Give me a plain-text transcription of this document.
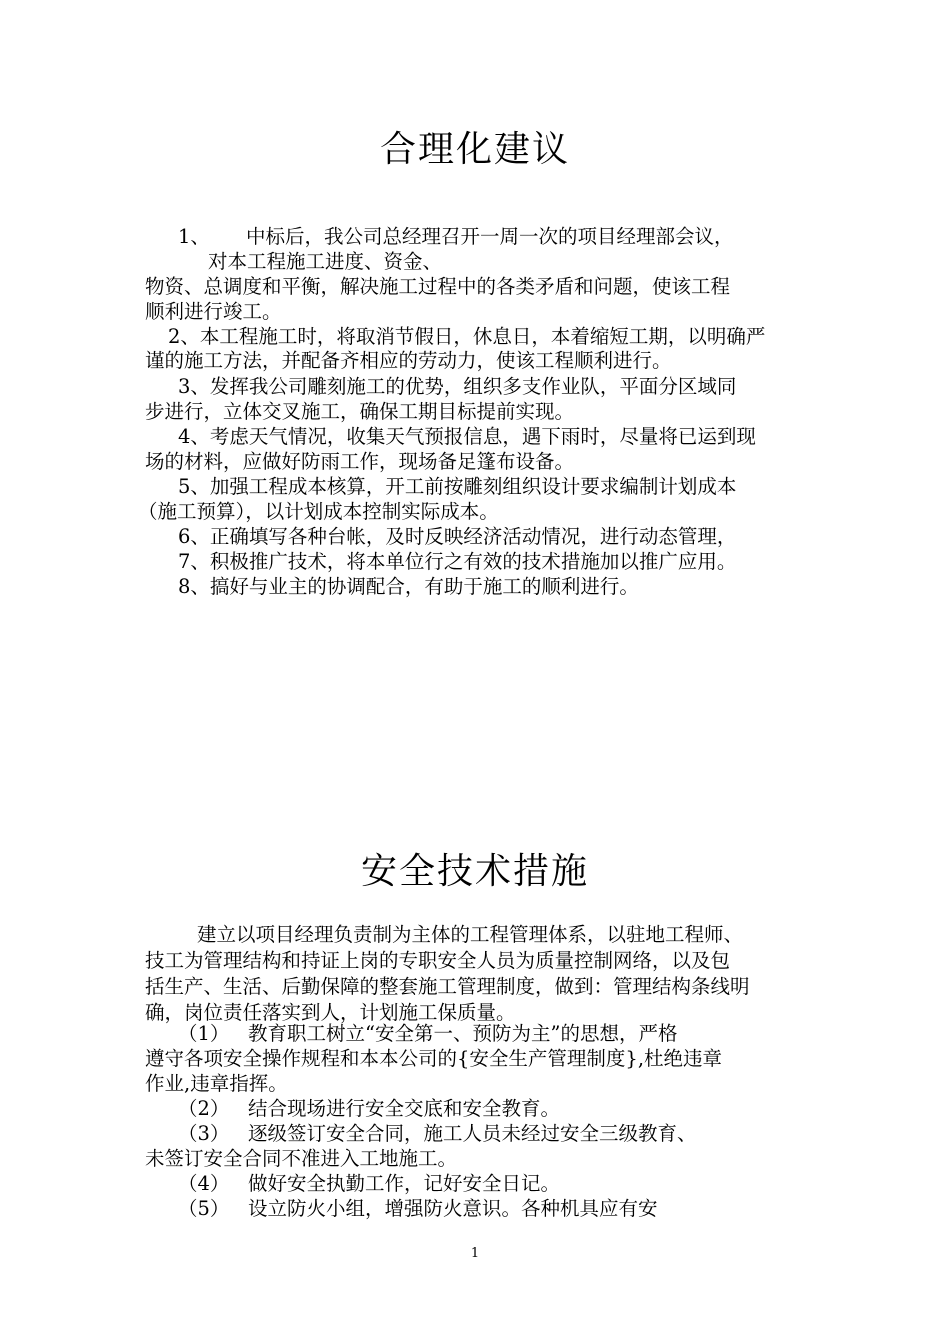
合理化建议

1、 中标后，我公司总经理召开一周一次的项目经理部会议，

对本工程施工进度、资金、

物资、总调度和平衡，解决施工过程中的各类矛盾和问题，使该工程

顺利进行竣工。

2、本工程施工时，将取消节假日，休息日，本着缩短工期，以明确严

谨的施工方法，并配备齐相应的劳动力，使该工程顺利进行。

3、发挥我公司雕刻施工的优势，组织多支作业队，平面分区域同

步进行，立体交叉施工，确保工期目标提前实现。

4、考虑天气情况，收集天气预报信息，遇下雨时，尽量将已运到现

场的材料，应做好防雨工作，现场备足篷布设备。

5、加强工程成本核算，开工前按雕刻组织设计要求编制计划成本

（施工预算），以计划成本控制实际成本。

6、正确填写各种台帐，及时反映经济活动情况，进行动态管理，

7、积极推广技术，将本单位行之有效的技术措施加以推广应用。

8、搞好与业主的协调配合，有助于施工的顺利进行。

安全技术措施

建立以项目经理负责制为主体的工程管理体系，以驻地工程师、

技工为管理结构和持证上岗的专职安全人员为质量控制网络，以及包

括生产、生活、后勤保障的整套施工管理制度，做到：管理结构条线明

确，岗位责任落实到人，计划施工保质量。

（1） 教育职工树立“安全第一、预防为主”的思想，严格

遵守各项安全操作规程和本本公司的{安全生产管理制度},杜绝违章

作业,违章指挥。

（2） 结合现场进行安全交底和安全教育。

（3） 逐级签订安全合同，施工人员未经过安全三级教育、

未签订安全合同不准进入工地施工。

（4） 做好安全执勤工作，记好安全日记。

（5） 设立防火小组，增强防火意识。各种机具应有安

1
